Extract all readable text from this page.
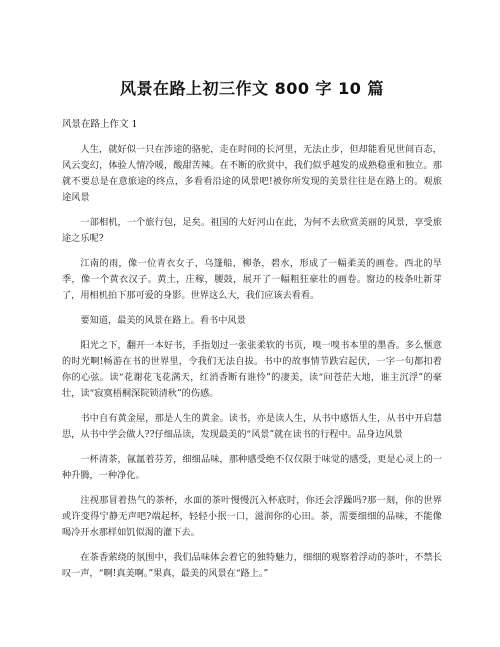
风景在路上初三作文 800 字 10 篇

风景在路上作文 1

人生，就好似一只在涉途的骆驼，走在时间的长河里，无法止步，但却能看见世间百态，风云变幻，体验人情冷暖，酸甜苦辣。在不断的欣赏中，我们似乎越发的成熟稳重和独立。那就不要总是在意旅途的终点，多看看沿途的风景吧!被你所发现的美景往往是在路上的。观旅途风景

一部相机，一个旅行包，足矣。祖国的大好河山在此，为何不去欣赏美丽的风景，享受旅途之乐呢?

江南的雨，像一位青衣女子，乌篷船，柳条，碧水，形成了一幅柔美的画卷。西北的旱季，像一个黄衣汉子。黄土，庄稼，腰鼓，展开了一幅粗狂豪壮的画卷。窗边的枝条吐新芽了，用相机拍下那可爱的身影。世界这么大，我们应该去看看。

要知道，最美的风景在路上。看书中风景

阳光之下，翻开一本好书，手指划过一张张柔软的书页，嗅一嗅书本里的墨香。多么惬意的时光啊!畅游在书的世界里，令我们无法自拔。书中的故事情节跌宕起伏，一字一句都扣着你的心弦。读“花谢花飞花满天，红消香断有谁怜”的凄美，读“问苍茫大地，谁主沉浮”的豪壮，读“寂寞梧桐深院锁清秋”的伤感。

书中自有黄金屋，那是人生的黄金。读书，亦是读人生，从书中感悟人生，从书中开启慧思，从书中学会做人??仔细品读，发现最美的“风景”就在读书的行程中。品身边风景

一杯清茶，氤氲着芬芳，细细品味，那种感受绝不仅仅限于味觉的感受，更是心灵上的一种升腾，一种净化。

注视那冒着热气的茶杯，水面的茶叶慢慢沉入杯底时，你还会浮躁吗?那一刻，你的世界或许变得宁静无声吧?端起杯，轻轻小抿一口，滋润你的心田。茶，需要细细的品味，不能像喝冷开水那样如饥似渴的灌下去。

在茶香萦绕的氛围中，我们品味体会着它的独特魅力，细细的观察着浮动的茶叶，不禁长叹一声，“啊!真美啊。”果真，最美的风景在“路上。”
